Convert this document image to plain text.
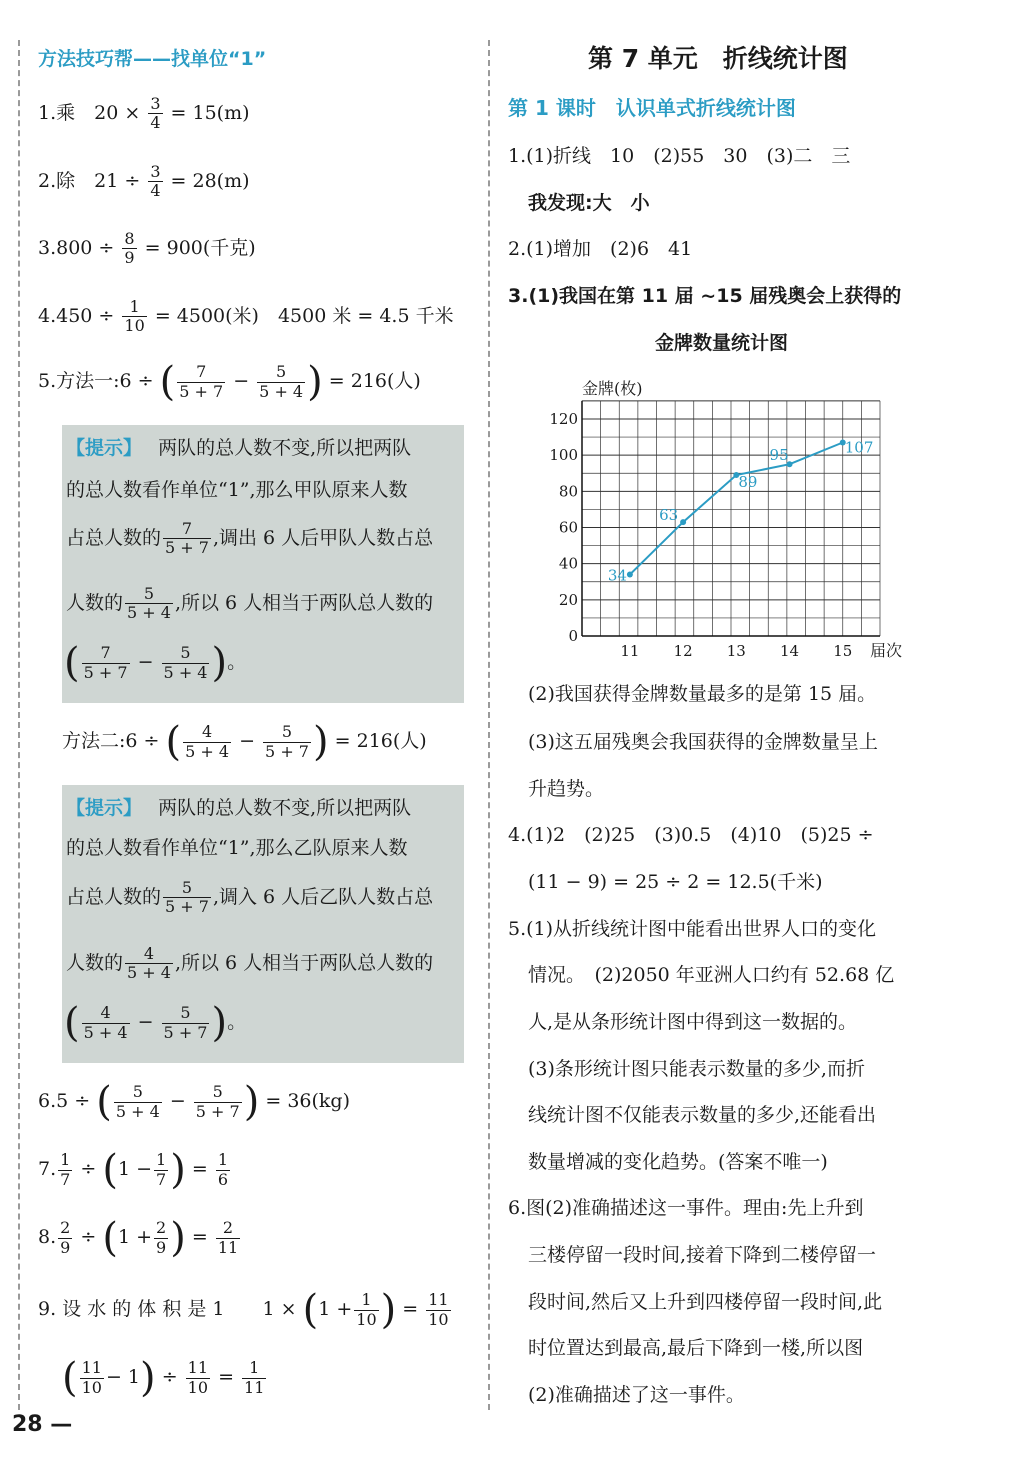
方法技巧帮——找单位“1”
1.乘　$20 \times \frac{3}{4} = 15(m)$
2.除　$21 \div \frac{3}{4} = 28(m)$
$3.800 \div \frac{8}{9} = 900$(千克)
$4.450 \div \frac{1}{10} = 4500$(米)　4500 米 = 4.5 千米
5.方法一:6 ÷ ( $\frac{7}{5 + 7} - \frac{5}{5 + 4}$ ) = 216(人)
【提示】 两队的总人数不变,所以把两队
的总人数看作单位“1”,那么甲队原来人数
占总人数的 $\frac{7}{5 + 7}$ ,调出 6 人后甲队人数占总
人数的 $\frac{5}{5 + 4}$ ,所以 6 人相当于两队总人数的
( $\frac{7}{5 + 7} - \frac{5}{5 + 4}$ )。
方法二:6 ÷ ( $\frac{4}{5 + 4} - \frac{5}{5 + 7}$ ) = 216(人)
【提示】 两队的总人数不变,所以把两队
的总人数看作单位“1”,那么乙队原来人数
占总人数的 $\frac{5}{5 + 7}$ ,调入 6 人后乙队人数占总
人数的 $\frac{4}{5 + 4}$ ,所以 6 人相当于两队总人数的
( $\frac{4}{5 + 4} - \frac{5}{5 + 7}$ )。
6.5 ÷ ( $\frac{5}{5 + 4} - \frac{5}{5 + 7}$ ) = 36(kg)
7. $\frac{1}{7} \div (1 - \frac{1}{7}$ ) = $\frac{1}{6}$
8. $\frac{2}{9} \div (1 + \frac{2}{9}$ ) = $\frac{2}{11}$
9. 设 水 的 体 积 是 1　　$1 \times (1 + \frac{1}{10}$ ) = $\frac{11}{10}$
( $\frac{11}{10} - 1) \div \frac{11}{10} = \frac{1}{11}$
第 7 单元　折线统计图
第 1 课时　认识单式折线统计图
1.(1)折线　10　(2)55　30　(3)二　三
我发现:大　小
2.(1)增加　(2)6　41
3.(1)我国在第 11 届 ~15 届残奥会上获得的
金牌数量统计图
0
20
40
60
80
100
120
11 12 13 14 15
34
63
89
95	107
金牌(枚)
届次
(2)我国获得金牌数量最多的是第 15 届。
(3)这五届残奥会我国获得的金牌数量呈上
升趋势。
4.(1)2　(2)25　(3)0.5　(4)10　(5)25 ÷
(11 − 9) = 25 ÷ 2 = 12.5(千米)
5.(1)从折线统计图中能看出世界人口的变化
情况。　(2)2050 年亚洲人口约有 52.68 亿
人,是从条形统计图中得到这一数据的。
(3)条形统计图只能表示数量的多少,而折
线统计图不仅能表示数量的多少,还能看出
数量增减的变化趋势。(答案不唯一)
6.图(2)准确描述这一事件。理由:先上升到
三楼停留一段时间,接着下降到二楼停留一
段时间,然后又上升到四楼停留一段时间,此
时位置达到最高,最后下降到一楼,所以图
(2)准确描述了这一事件。
28 —
